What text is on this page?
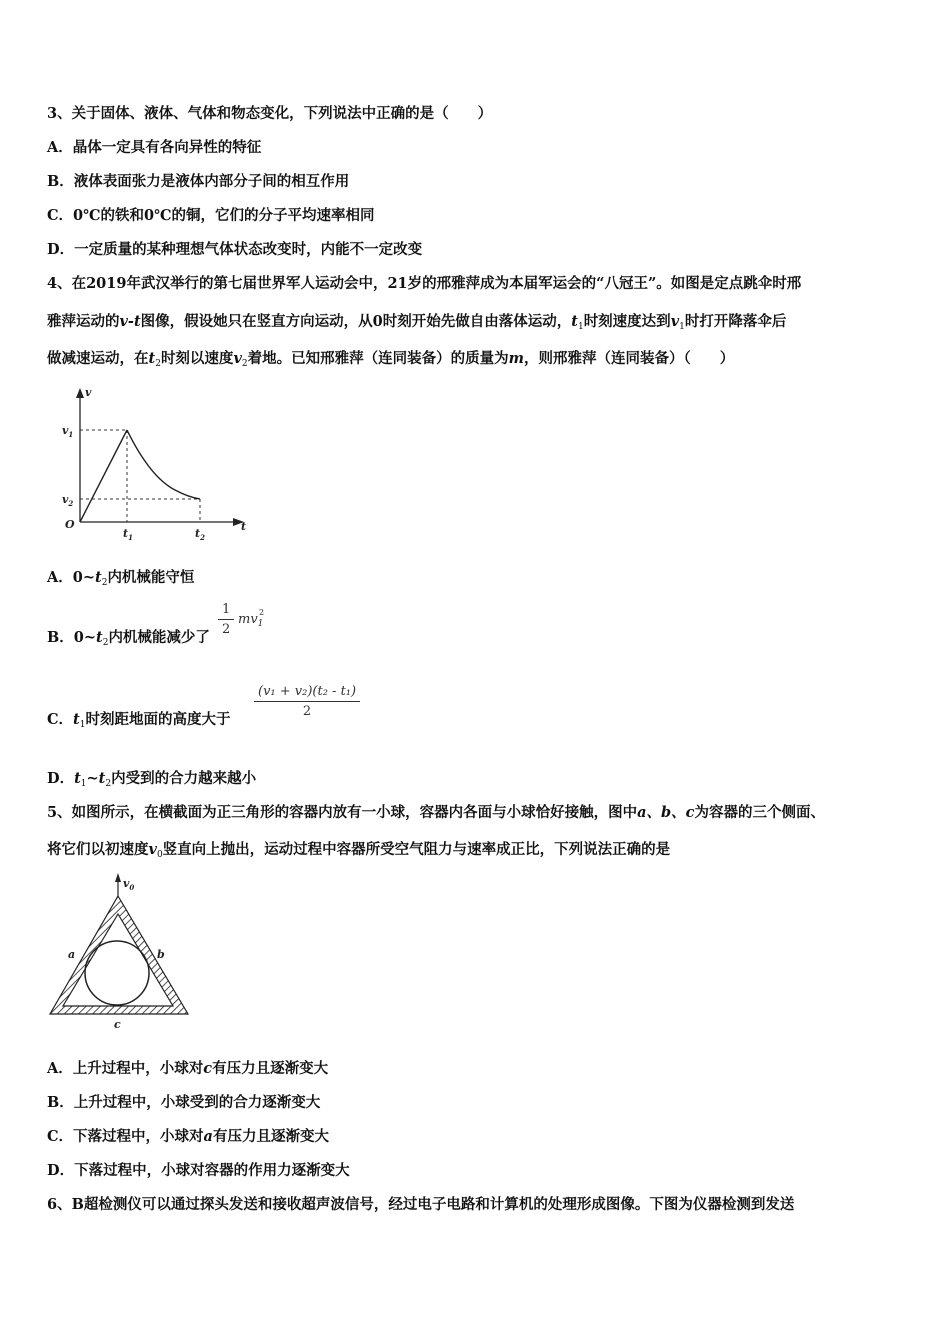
3、关于固体、液体、气体和物态变化，下列说法中正确的是（　　）
A．晶体一定具有各向异性的特征
B．液体表面张力是液体内部分子间的相互作用
C．0℃的铁和0℃的铜，它们的分子平均速率相同
D．一定质量的某种理想气体状态改变时，内能不一定改变
4、在2019年武汉举行的第七届世界军人运动会中，21岁的邢雅萍成为本届军运会的“八冠王”。如图是定点跳伞时邢
雅萍运动的v-t图像，假设她只在竖直方向运动，从0时刻开始先做自由落体运动，$t_1$时刻速度达到$v_1$时打开降落伞后
做减速运动，在$t_2$时刻以速度$v_2$着地。已知邢雅萍（连同装备）的质量为m，则邢雅萍（连同装备）（　　）
v
t
O
$v_1$
$v_2$
$t_1$	$t_2$
A．$0\sim t_2$内机械能守恒
B．$0\sim t_2$内机械能减少了
1
2
$mv_1$
2
C．$t_1$时刻距地面的高度大于
(v₁ + v₂)(t₂ - t₁)
2
D．$t_1\sim t_2$内受到的合力越来越小
5、如图所示，在横截面为正三角形的容器内放有一小球，容器内各面与小球恰好接触，图中a、b、c为容器的三个侧面、
将它们以初速度$v_0$竖直向上抛出，运动过程中容器所受空气阻力与速率成正比，下列说法正确的是
$v_0$
a	b
c
A．上升过程中，小球对c有压力且逐渐变大
B．上升过程中，小球受到的合力逐渐变大
C．下落过程中，小球对a有压力且逐渐变大
D．下落过程中，小球对容器的作用力逐渐变大
6、B超检测仪可以通过探头发送和接收超声波信号，经过电子电路和计算机的处理形成图像。下图为仪器检测到发送
